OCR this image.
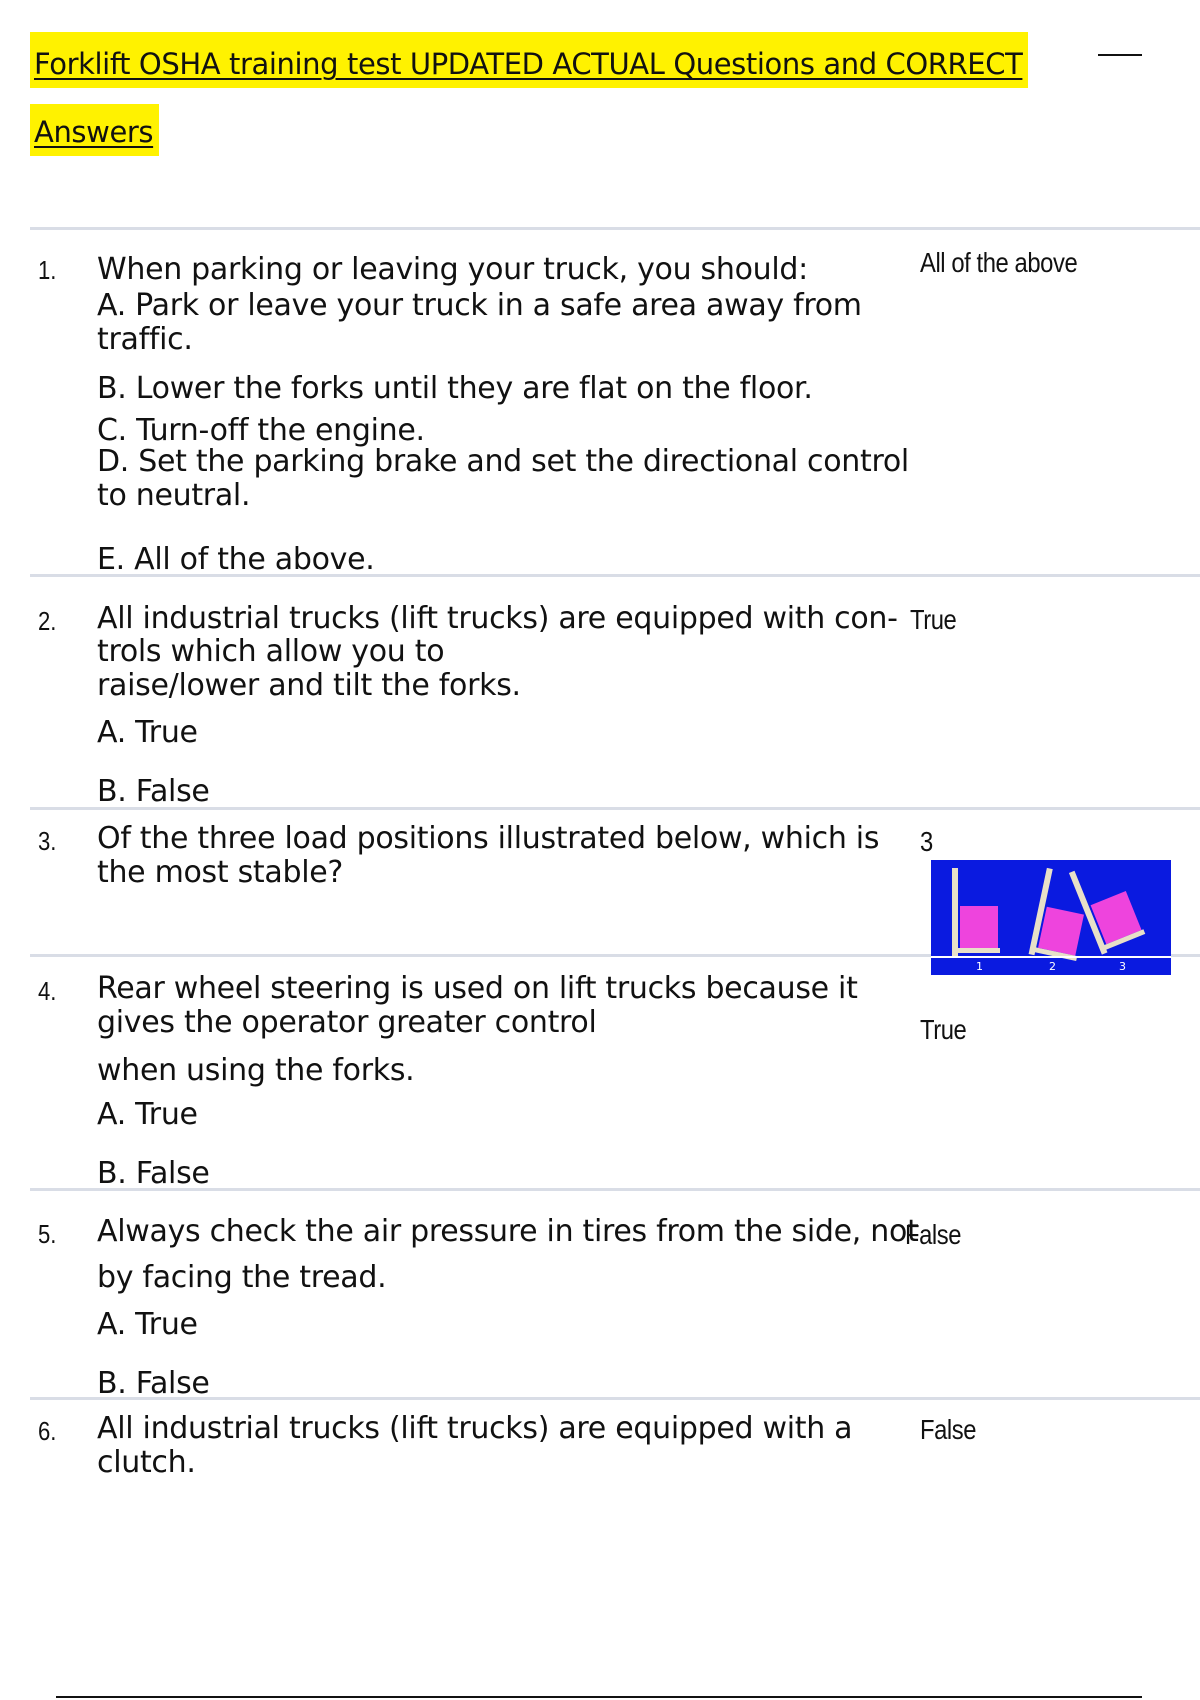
Forklift OSHA training test UPDATED ACTUAL Questions and CORRECT
Answers
1. When parking or leaving your truck, you should:

A. Park or leave your truck in a safe area away from

traffic.

B. Lower the forks until they are flat on the floor.

C. Turn-off the engine.

D. Set the parking brake and set the directional control

to neutral.

E. All of the above.

All of the above
2. All industrial trucks (lift trucks) are equipped with con-

trols which allow you to

raise/lower and tilt the forks.

A. True

B. False

True
3. Of the three load positions illustrated below, which is

the most stable?

3
1	2	3
4. Rear wheel steering is used on lift trucks because it

gives the operator greater control

when using the forks.

A. True

B. False

True
5. Always check the air pressure in tires from the side, not

by facing the tread.

A. True

B. False

False
6. All industrial trucks (lift trucks) are equipped with a

clutch.

False
